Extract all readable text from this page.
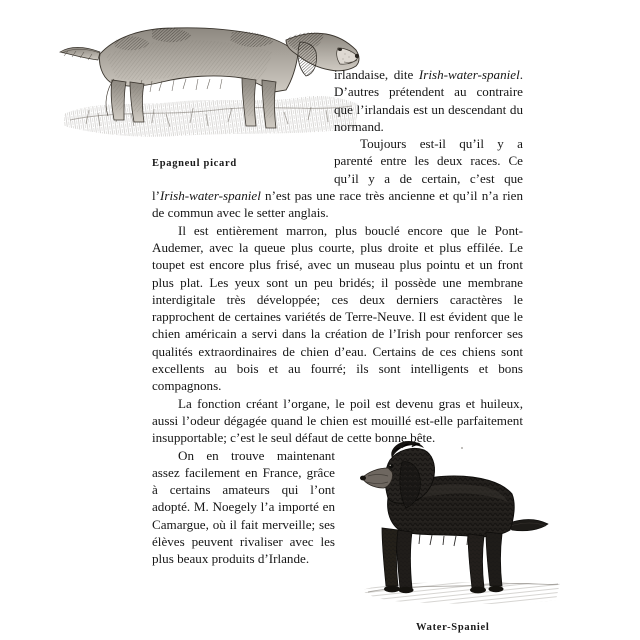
Epagneul picard
Water-Spaniel

irlandaise, dite Irish-water-spaniel. D’autres prétendent au contraire que l’irlandais est un descendant du normand.

Toujours est-il qu’il y a parenté entre les deux races. Ce qu’il y a de certain, c’est que l’Irish-water-spaniel n’est pas une race très ancienne et qu’il n’a rien de commun avec le setter anglais.

Il est entièrement marron, plus bouclé encore que le Pont-Audemer, avec la queue plus courte, plus droite et plus effilée. Le toupet est encore plus frisé, avec un museau plus pointu et un front plus plat. Les yeux sont un peu bridés; il possède une membrane interdigitale très développée; ces deux derniers caractères le rapprochent de certaines variétés de Terre-Neuve. Il est évident que le chien américain a servi dans la création de l’Irish pour renforcer ses qualités extraordinaires de chien d’eau. Certains de ces chiens sont excellents au bois et au fourré; ils sont intelligents et bons compagnons.

La fonction créant l’organe, le poil est devenu gras et huileux, aussi l’odeur dégagée quand le chien est mouillé est-elle parfaitement insupportable; c’est le seul défaut de cette bonne bête.

On en trouve maintenant assez facilement en France, grâce à certains amateurs qui l’ont adopté. M. Noegely l’a importé en Camargue, où il fait merveille; ses élèves peuvent rivaliser avec les plus beaux produits d’Irlande.
